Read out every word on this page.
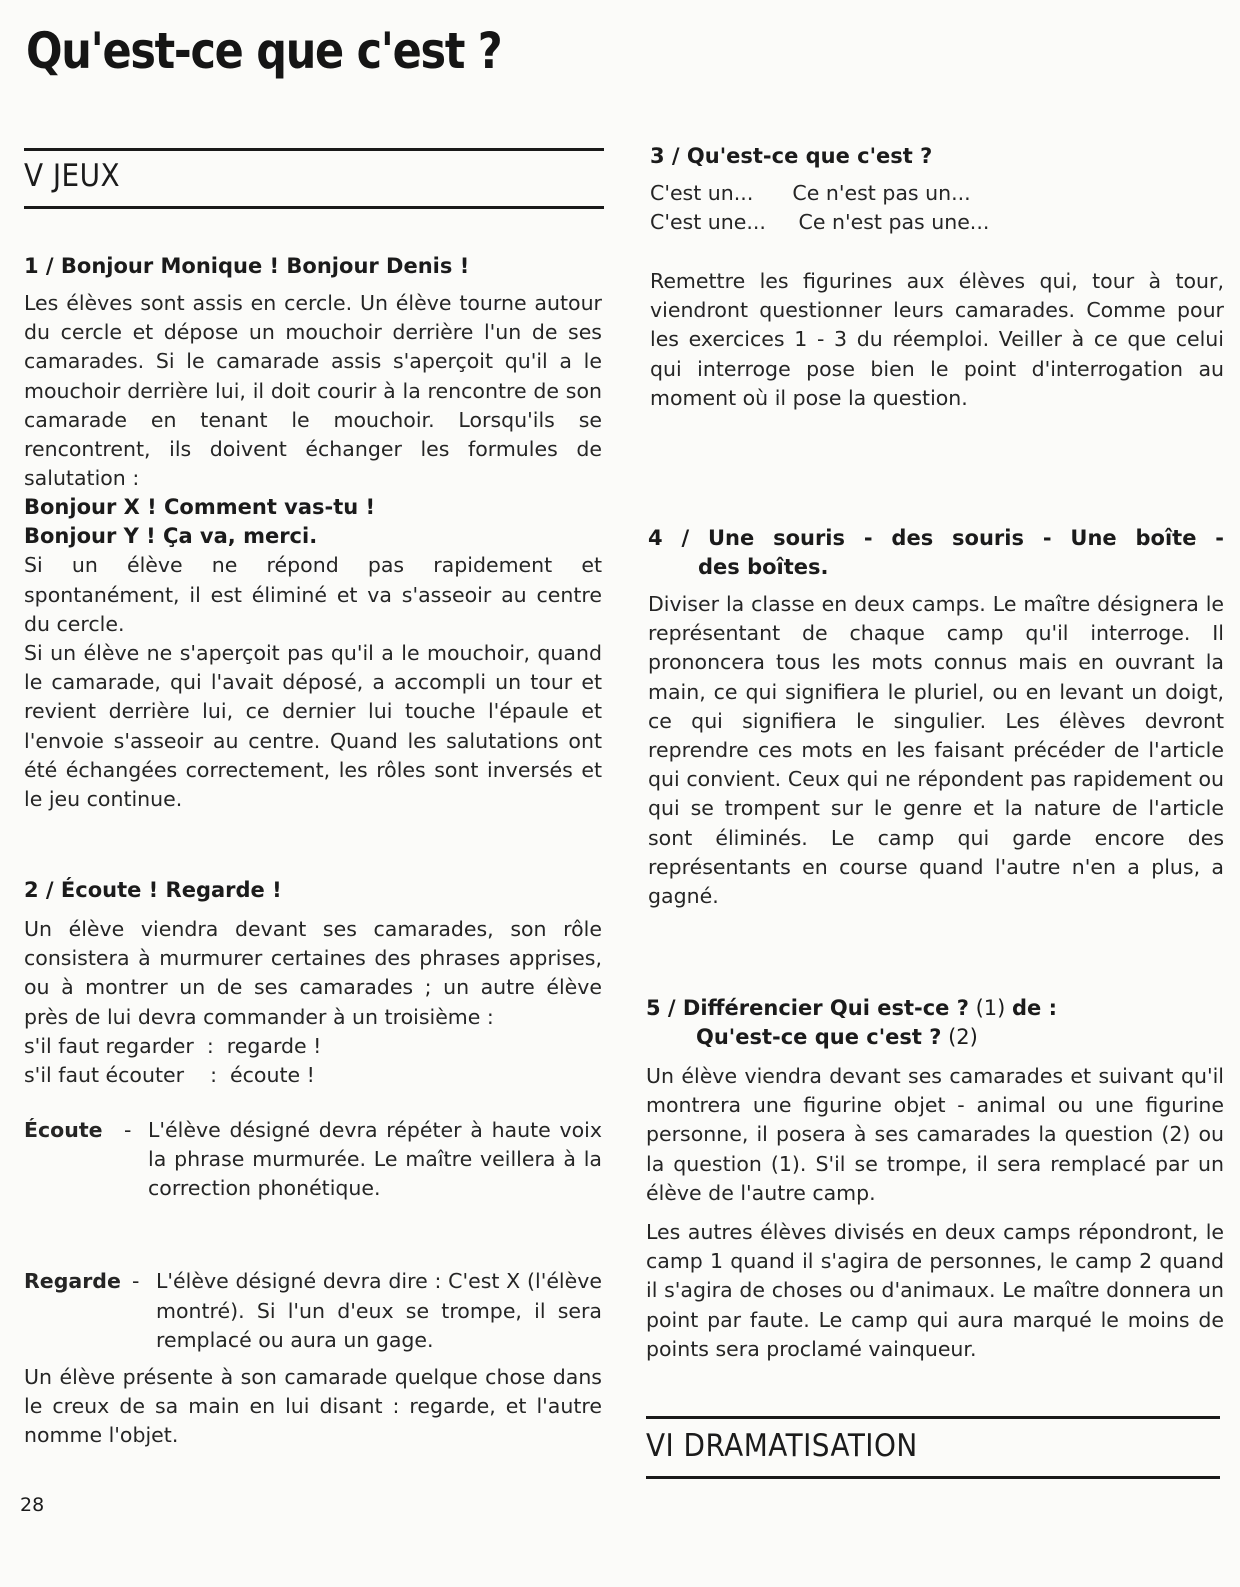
Qu'est-ce que c'est ?
V JEUX

1 / Bonjour Monique ! Bonjour Denis !

Les élèves sont assis en cercle. Un élève tourne autour du cercle et dépose un mouchoir derrière l'un de ses camarades. Si le camarade assis s'aperçoit qu'il a le mouchoir derrière lui, il doit courir à la rencontre de son camarade en tenant le mouchoir. Lorsqu'ils se rencontrent, ils doivent échanger les formules de salutation :

Bonjour X ! Comment vas-tu !

Bonjour Y ! Ça va, merci.

Si un élève ne répond pas rapidement et spontanément, il est éliminé et va s'asseoir au centre du cercle.

Si un élève ne s'aperçoit pas qu'il a le mouchoir, quand le camarade, qui l'avait déposé, a accompli un tour et revient derrière lui, ce dernier lui touche l'épaule et l'envoie s'asseoir au centre. Quand les salutations ont été échangées correctement, les rôles sont inversés et le jeu continue.

2 / Écoute ! Regarde !

Un élève viendra devant ses camarades, son rôle consistera à murmurer certaines des phrases apprises, ou à montrer un de ses camarades ; un autre élève près de lui devra commander à un troisième :

s'il faut regarder  :  regarde !

s'il faut écouter    :  écoute !

Écoute	- L'élève désigné devra répéter à haute voix la phrase murmurée. Le maître veillera à la correction phonétique.
Regarde - L'élève désigné devra dire : C'est X (l'élève montré). Si l'un d'eux se trompe, il sera remplacé ou aura un gage.

Un élève présente à son camarade quelque chose dans le creux de sa main en lui disant : regarde, et l'autre nomme l'objet.

3 / Qu'est-ce que c'est ?

C'est un...      Ce n'est pas un...

C'est une...     Ce n'est pas une...

Remettre les figurines aux élèves qui, tour à tour, viendront questionner leurs camarades. Comme pour les exercices 1 - 3 du réemploi. Veiller à ce que celui qui interroge pose bien le point d'interrogation au moment où il pose la question.

4 / Une souris - des souris - Une boîte -

des boîtes.

Diviser la classe en deux camps. Le maître désignera le représentant de chaque camp qu'il interroge. Il prononcera tous les mots connus mais en ouvrant la main, ce qui signifiera le pluriel, ou en levant un doigt, ce qui signifiera le singulier. Les élèves devront reprendre ces mots en les faisant précéder de l'article qui convient. Ceux qui ne répondent pas rapidement ou qui se trompent sur le genre et la nature de l'article sont éliminés. Le camp qui garde encore des représentants en course quand l'autre n'en a plus, a gagné.

5 / Différencier Qui est-ce ? (1) de :

Qu'est-ce que c'est ? (2)

Un élève viendra devant ses camarades et suivant qu'il montrera une figurine objet - animal ou une figurine personne, il posera à ses camarades la question (2) ou la question (1). S'il se trompe, il sera remplacé par un élève de l'autre camp.

Les autres élèves divisés en deux camps répondront, le camp 1 quand il s'agira de personnes, le camp 2 quand il s'agira de choses ou d'animaux. Le maître donnera un point par faute. Le camp qui aura marqué le moins de points sera proclamé vainqueur.

VI DRAMATISATION
28
